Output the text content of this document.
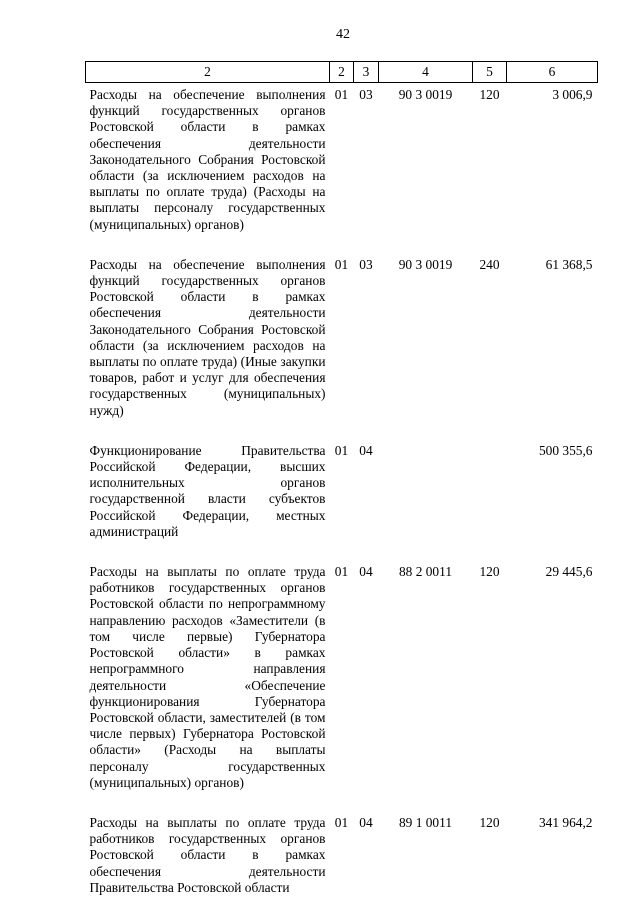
42
2	2	3	4	5	6
Расходы на обеспечение выполнения функций государственных органов Ростовской области в рамках обеспечения деятельности Законодательного Собрания Ростовской области (за исключением расходов на выплаты по оплате труда) (Расходы на выплаты персоналу государственных (муниципальных) органов)	01	03	90 3 0019	120	3 006,9
Расходы на обеспечение выполнения функций государственных органов Ростовской области в рамках обеспечения деятельности Законодательного Собрания Ростовской области (за исключением расходов на выплаты по оплате труда) (Иные закупки товаров, работ и услуг для обеспечения государственных (муниципальных) нужд)	01	03	90 3 0019	240	61 368,5
Функционирование Правительства Российской Федерации, высших исполнительных органов государственной власти субъектов Российской Федерации, местных администраций	01	04			500 355,6
Расходы на выплаты по оплате труда работников государственных органов Ростовской области по непрограммному направлению расходов «Заместители (в том числе первые) Губернатора Ростовской области» в рамках непрограммного направления деятельности «Обеспечение функционирования Губернатора Ростовской области, заместителей (в том числе первых) Губернатора Ростовской области» (Расходы на выплаты персоналу государственных (муниципальных) органов)	01	04	88 2 0011	120	29 445,6
Расходы на выплаты по оплате труда работников государственных органов Ростовской области в рамках обеспечения деятельности Правительства Ростовской области	01	04	89 1 0011	120	341 964,2
